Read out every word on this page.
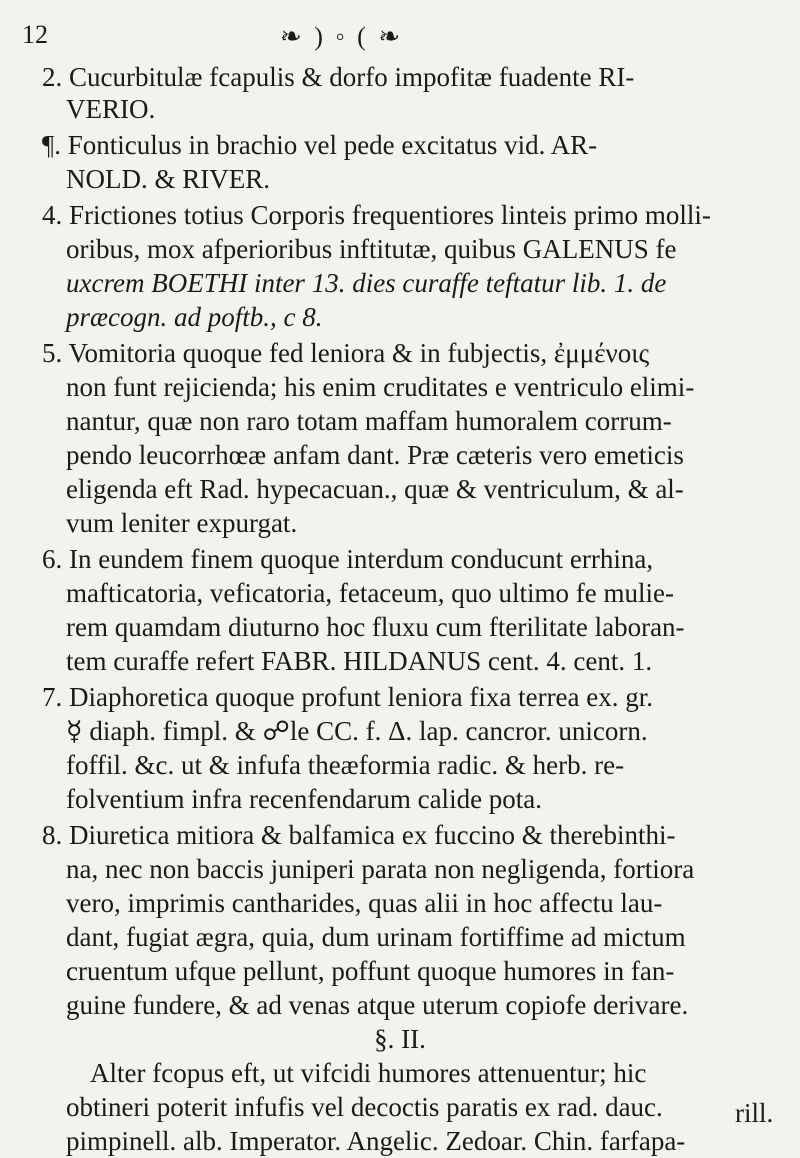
12	❧ ) ◦ ( ❧
2. Cucurbitulæ fcapulis & dorfo impofitæ fuadente RI-
VERIO.
¶. Fonticulus in brachio vel pede excitatus vid. AR-
NOLD. & RIVER.
4. Frictiones totius Corporis frequentiores linteis primo molli-
oribus, mox afperioribus inftitutæ, quibus GALENUS fe
uxcrem BOETHI inter 13. dies curaffe teftatur lib. 1. de
præcogn. ad poftb., c 8.
5. Vomitoria quoque fed leniora & in fubjectis, ἐμμένοις
non funt rejicienda; his enim cruditates e ventriculo elimi-
nantur, quæ non raro totam maffam humoralem corrum-
pendo leucorrhœæ anfam dant. Præ cæteris vero emeticis
eligenda eft Rad. hypecacuan., quæ & ventriculum, & al-
vum leniter expurgat.
6. In eundem finem quoque interdum conducunt errhina,
mafticatoria, veficatoria, fetaceum, quo ultimo fe mulie-
rem quamdam diuturno hoc fluxu cum fterilitate laboran-
tem curaffe refert FABR. HILDANUS cent. 4. cent. 1.
7. Diaphoretica quoque profunt leniora fixa terrea ex. gr.
☿ diaph. fimpl. & ☍le CC. f. Δ. lap. cancror. unicorn.
foffil. &c. ut & infufa theæformia radic. & herb. re-
folventium infra recenfendarum calide pota.
8. Diuretica mitiora & balfamica ex fuccino & therebinthi-
na, nec non baccis juniperi parata non negligenda, fortiora
vero, imprimis cantharides, quas alii in hoc affectu lau-
dant, fugiat ægra, quia, dum urinam fortiffime ad mictum
cruentum ufque pellunt, poffunt quoque humores in fan-
guine fundere, & ad venas atque uterum copiofe derivare.
§. II.
Alter fcopus eft, ut vifcidi humores attenuentur; hic
obtineri poterit infufis vel decoctis paratis ex rad. dauc.
pimpinell. alb. Imperator. Angelic. Zedoar. Chin. farfapa-
rill.
